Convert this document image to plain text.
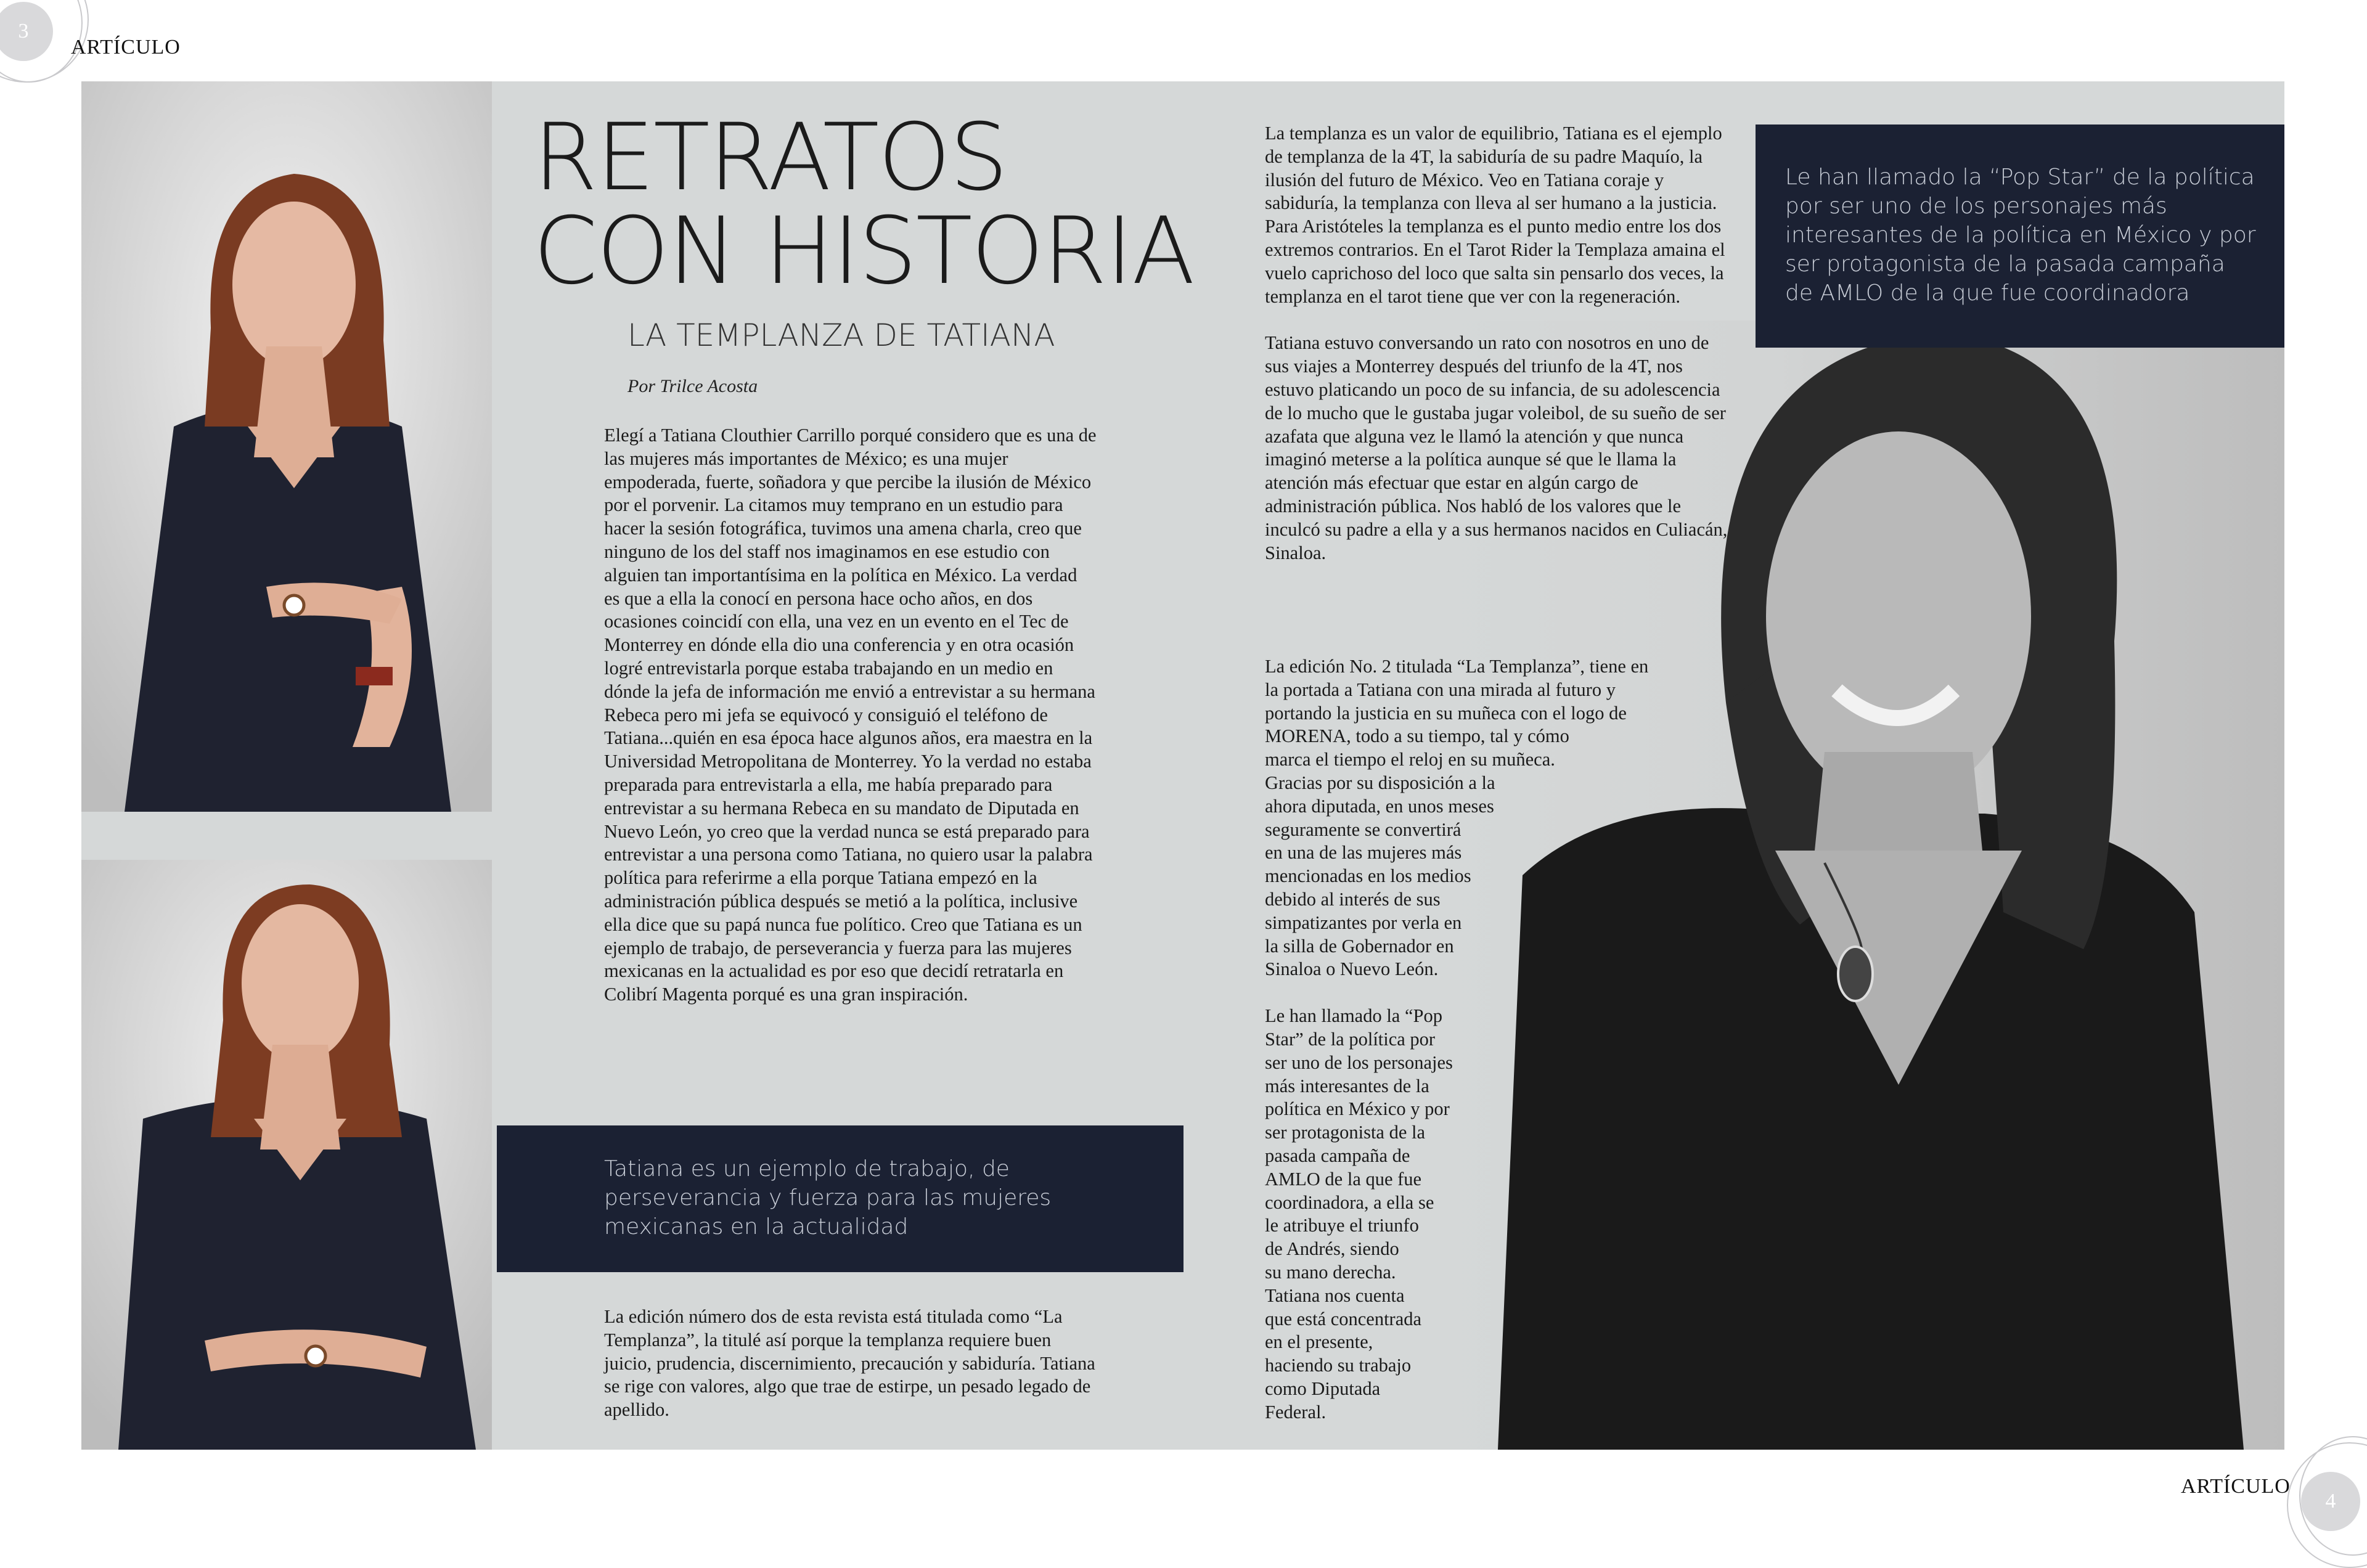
3
ARTÍCULO
4
ARTÍCULO
RETRATOS
CON HISTORIA
LA TEMPLANZA DE TATIANA
Por Trilce Acosta

Elegí a Tatiana Clouthier Carrillo porqué considero que es una de las mujeres más importantes de México; es una mujer empoderada, fuerte, soñadora y que percibe la ilusión de México por el porvenir. La citamos muy temprano en un estudio para hacer la sesión fotográfica, tuvimos una amena charla, creo que ninguno de los del staff nos imaginamos en ese estudio con alguien tan importantísima en la política en México. La verdad es que a ella la conocí en persona hace ocho años, en dos ocasiones coincidí con ella, una vez en un evento en el Tec de Monterrey en dónde ella dio una conferencia y en otra ocasión logré entrevistarla porque estaba trabajando en un medio en dónde la jefa de información me envió a entrevistar a su hermana Rebeca pero mi jefa se equivocó y consiguió el teléfono de Tatiana...quién en esa época hace algunos años, era maestra en la Universidad Metropolitana de Monterrey. Yo la verdad no estaba preparada para entrevistarla a ella, me había preparado para entrevistar a su hermana Rebeca en su mandato de Diputada en Nuevo León, yo creo que la verdad nunca se está preparado para entrevistar a una persona como Tatiana, no quiero usar la palabra política para referirme a ella porque Tatiana empezó en la administración pública después se metió a la política, inclusive ella dice que su papá nunca fue político. Creo que Tatiana es un ejemplo de trabajo, de perseverancia y fuerza para las mujeres mexicanas en la actualidad es por eso que decidí retratarla en Colibrí Magenta porqué es una gran inspiración.

Tatiana es un ejemplo de trabajo, de perseverancia y fuerza para las mujeres mexicanas en la actualidad

La edición número dos de esta revista está titulada como “La Templanza”, la titulé así porque la templanza requiere buen juicio, prudencia, discernimiento, precaución y sabiduría. Tatiana se rige con valores, algo que trae de estirpe, un pesado legado de apellido.

La templanza es un valor de equilibrio, Tatiana es el ejemplo de templanza de la 4T, la sabiduría de su padre Maquío, la ilusión del futuro de México. Veo en Tatiana coraje y sabiduría, la templanza con lleva al ser humano a la justicia. Para Aristóteles la templanza es el punto medio entre los dos extremos contrarios. En el Tarot Rider la Templaza amaina el vuelo caprichoso del loco que salta sin pensarlo dos veces, la templanza en el tarot tiene que ver con la regeneración.

Tatiana estuvo conversando un rato con nosotros en uno de sus viajes a Monterrey después del triunfo de la 4T, nos estuvo platicando un poco de su infancia, de su adolescencia de lo mucho que le gustaba jugar voleibol, de su sueño de ser azafata que alguna vez le llamó la atención y que nunca imaginó meterse a la política aunque sé que le llama la atención más efectuar que estar en algún cargo de administración pública. Nos habló de los valores que le inculcó su padre a ella y a sus hermanos nacidos en Culiacán, Sinaloa.

La edición No. 2 titulada “La Templanza”, tiene en
la portada a Tatiana con una mirada al futuro y
portando la justicia en su muñeca con el logo de
MORENA, todo a su tiempo, tal y cómo
marca el tiempo el reloj en su muñeca.
Gracias por su disposición a la
ahora diputada, en unos meses
seguramente se convertirá
en una de las mujeres más
mencionadas en los medios
debido al interés de sus
simpatizantes por verla en
la silla de Gobernador en
Sinaloa o Nuevo León.
Le han llamado la “Pop
Star” de la política por
ser uno de los personajes
más interesantes de la
política en México y por
ser protagonista de la
pasada campaña de
AMLO de la que fue
coordinadora, a ella se
le atribuye el triunfo
de Andrés, siendo
su mano derecha.
Tatiana nos cuenta
que está concentrada
en el presente,
haciendo su trabajo
como Diputada
Federal.
Le han llamado la “Pop Star” de la política por ser uno de los personajes más interesantes de la política en México y por ser protagonista de la pasada campaña de AMLO de la que fue coordinadora
